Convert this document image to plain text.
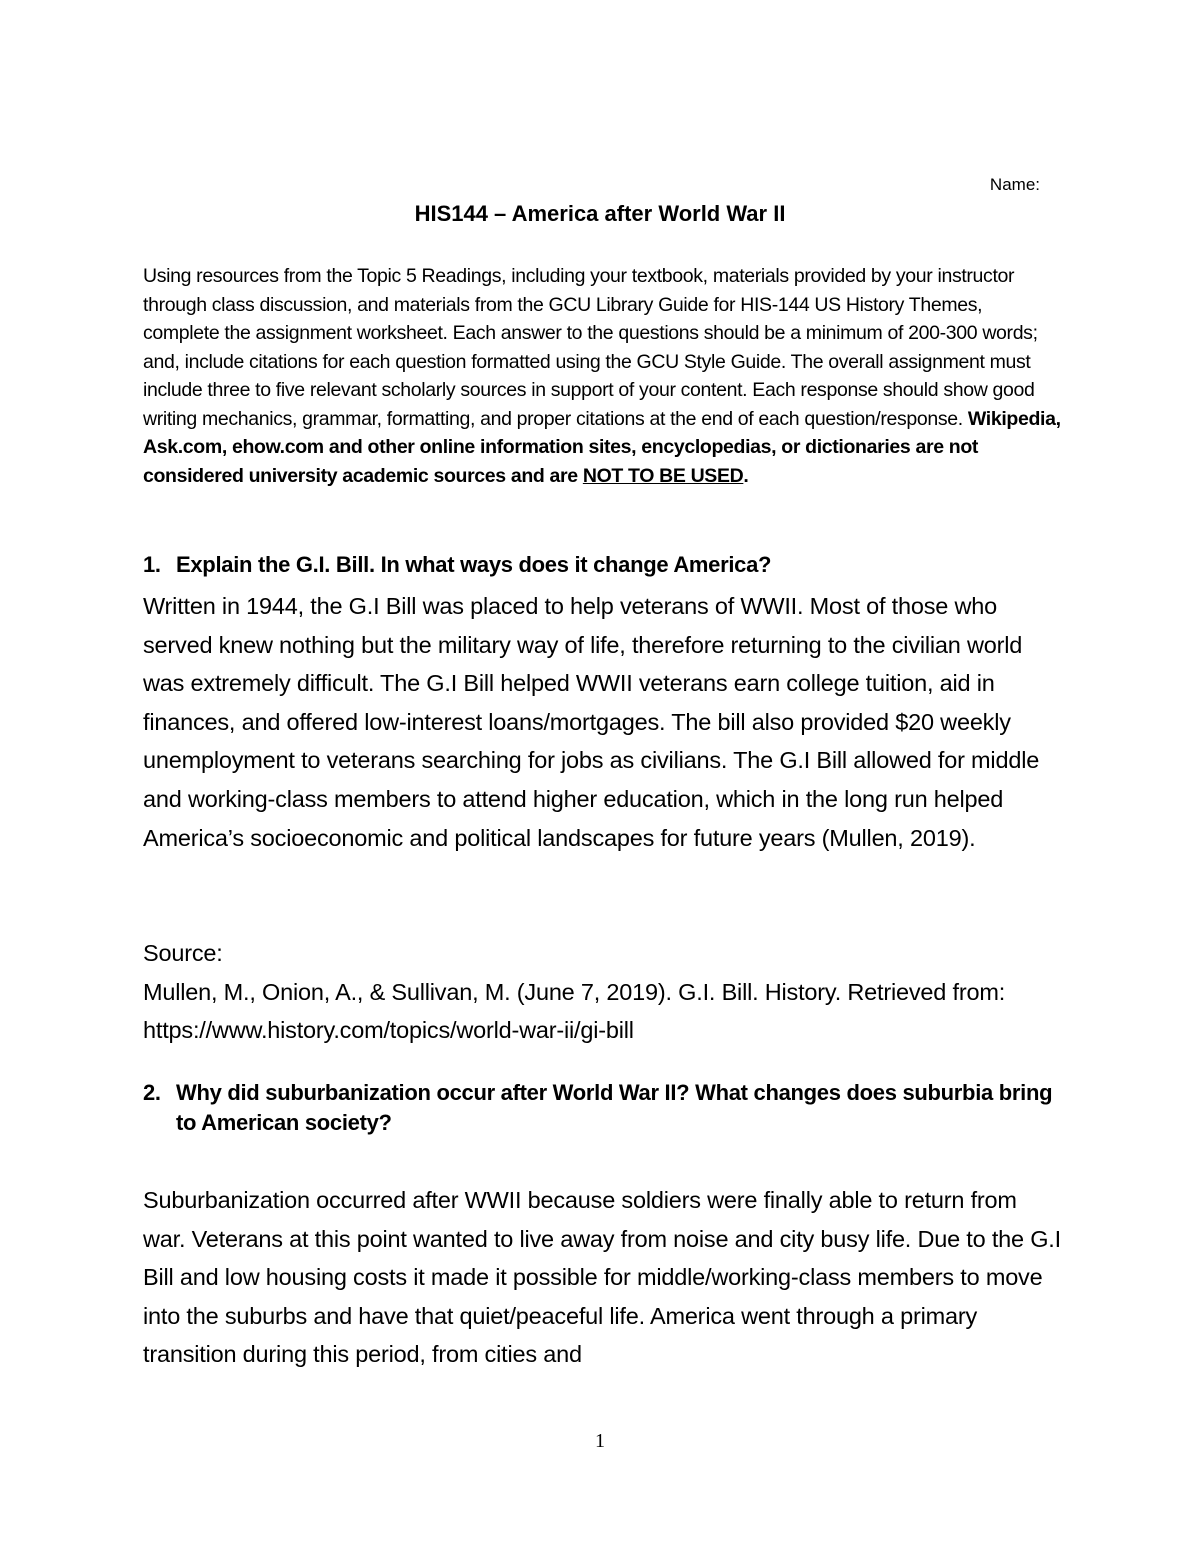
Name:
HIS144 – America after World War II

Using resources from the Topic 5 Readings, including your textbook, materials provided by your instructor through class discussion, and materials from the GCU Library Guide for HIS-144 US History Themes, complete the assignment worksheet. Each answer to the questions should be a minimum of 200-300 words; and, include citations for each question formatted using the GCU Style Guide. The overall assignment must include three to five relevant scholarly sources in support of your content. Each response should show good writing mechanics, grammar, formatting, and proper citations at the end of each question/response. Wikipedia, Ask.com, ehow.com and other online information sites, encyclopedias, or dictionaries are not considered university academic sources and are NOT TO BE USED.

1. Explain the G.I. Bill. In what ways does it change America?

Written in 1944, the G.I Bill was placed to help veterans of WWII. Most of those who served knew nothing but the military way of life, therefore returning to the civilian world was extremely difficult. The G.I Bill helped WWII veterans earn college tuition, aid in finances, and offered low-interest loans/mortgages. The bill also provided $20 weekly unemployment to veterans searching for jobs as civilians. The G.I Bill allowed for middle and working-class members to attend higher education, which in the long run helped America’s socioeconomic and political landscapes for future years (Mullen, 2019).

Source:

Mullen, M., Onion, A., & Sullivan, M. (June 7, 2019). G.I. Bill. History. Retrieved from: https://www.history.com/topics/world-war-ii/gi-bill

2. Why did suburbanization occur after World War II? What changes does suburbia bring to American society?

Suburbanization occurred after WWII because soldiers were finally able to return from war. Veterans at this point wanted to live away from noise and city busy life. Due to the G.I Bill and low housing costs it made it possible for middle/working-class members to move into the suburbs and have that quiet/peaceful life. America went through a primary transition during this period, from cities and

1
